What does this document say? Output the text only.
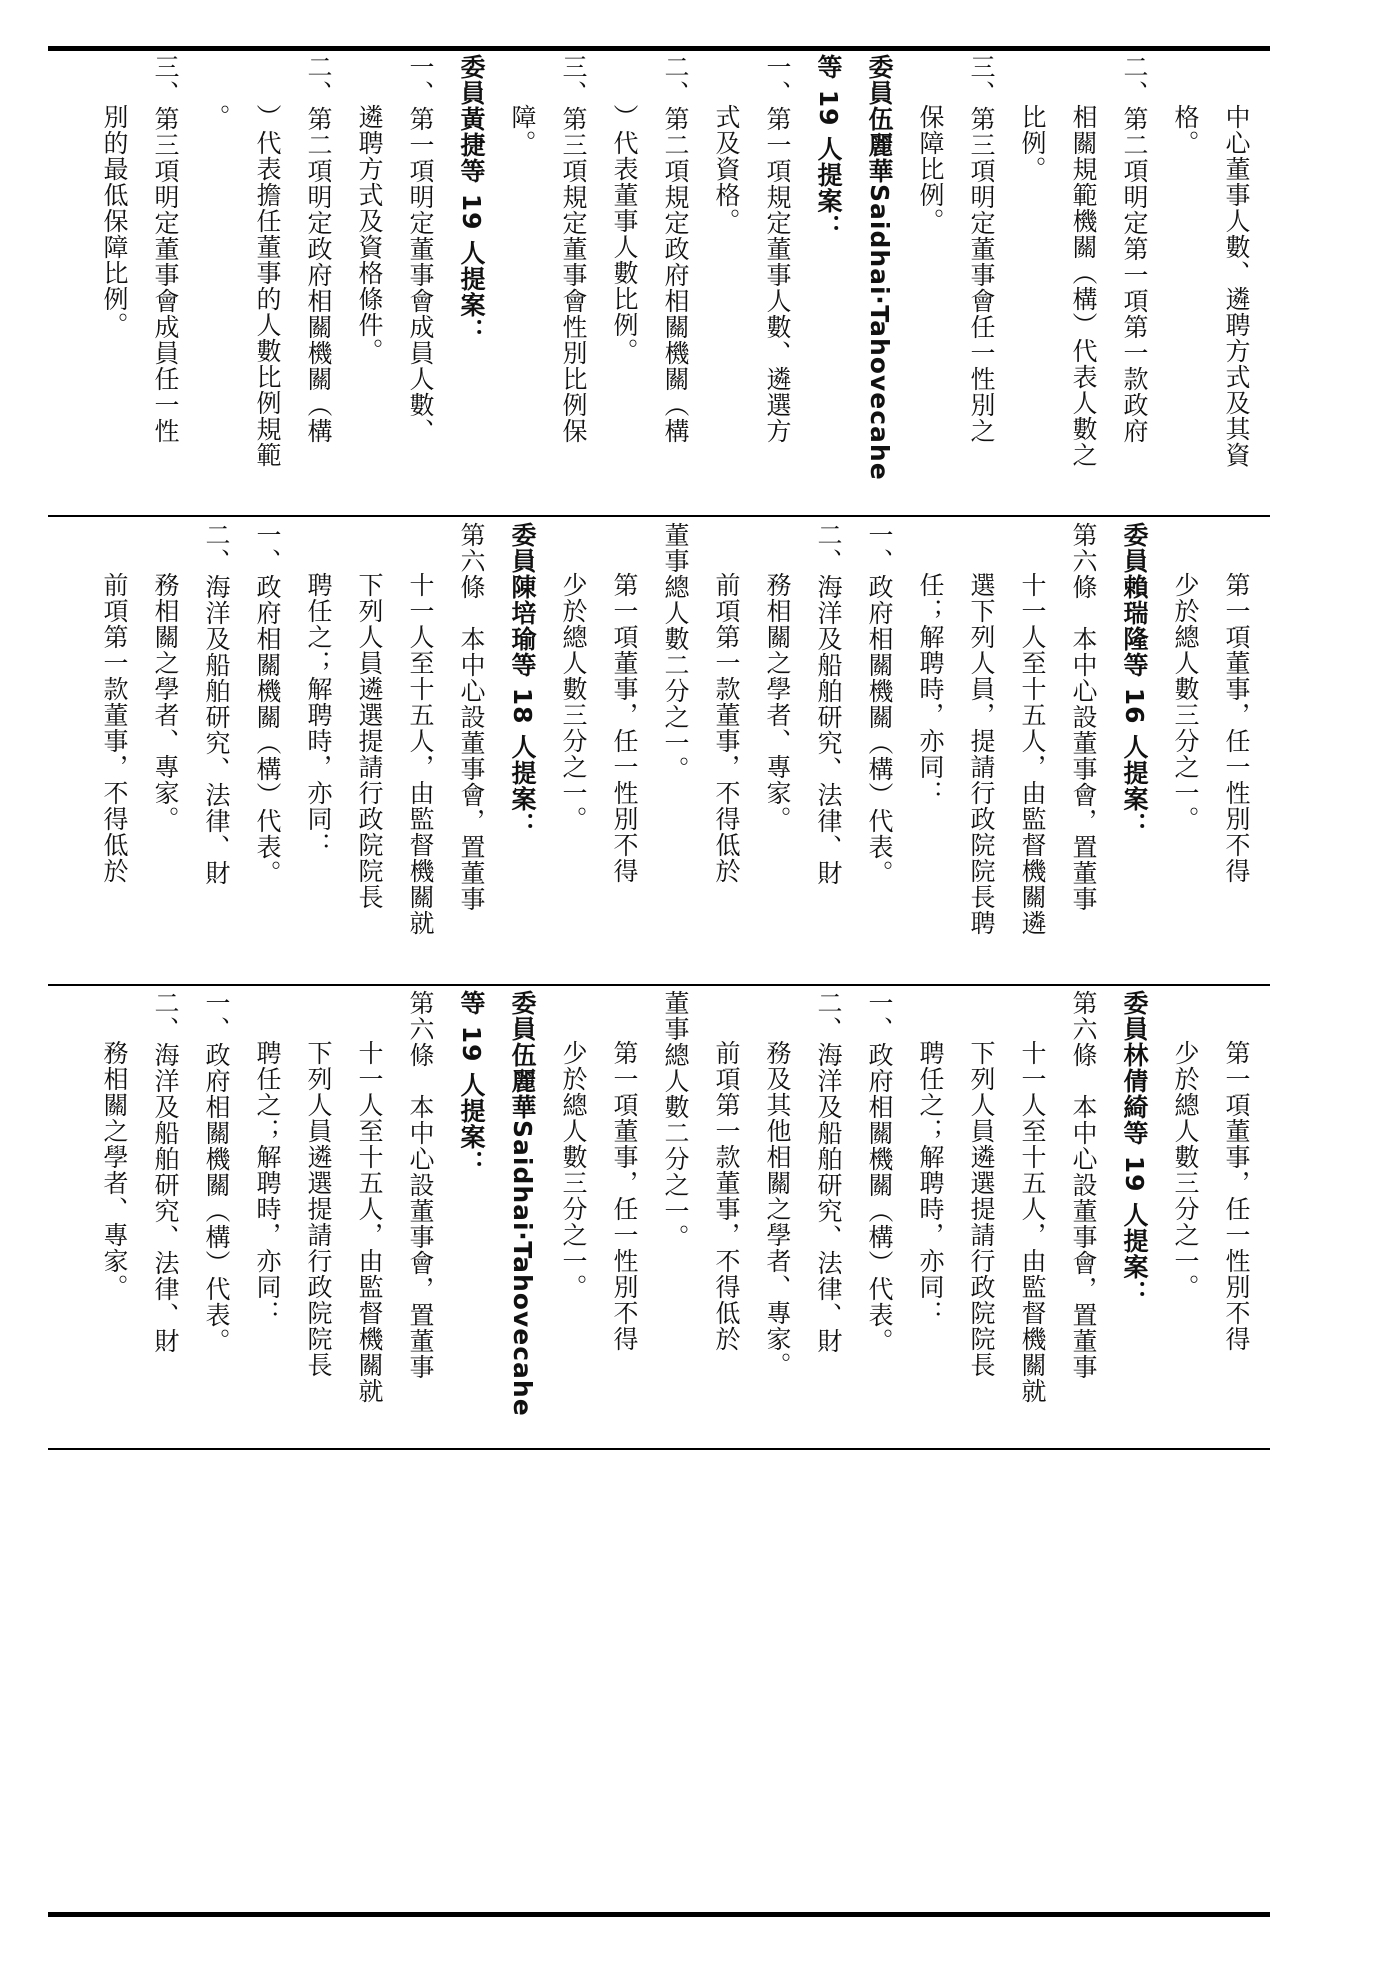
中心董事人數、遴聘方式及其資
格。
二、第二項明定第一項第一款政府
相關規範機關（構）代表人數之
比例。
三、第三項明定董事會任一性別之
保障比例。
委員伍麗華Saidhai‧Tahovecahe
等 19 人提案：
一、第一項規定董事人數、遴選方
式及資格。
二、第二項規定政府相關機關（構
）代表董事人數比例。
三、第三項規定董事會性別比例保
障。
委員黃捷等 19 人提案：
一、第一項明定董事會成員人數、
遴聘方式及資格條件。
二、第二項明定政府相關機關（構
）代表擔任董事的人數比例規範
。
三、第三項明定董事會成員任一性
別的最低保障比例。
第一項董事，任一性別不得
少於總人數三分之一。
委員賴瑞隆等 16 人提案：
第六條　本中心設董事會，置董事
十一人至十五人，由監督機關遴
選下列人員，提請行政院院長聘
任；解聘時，亦同：
一、政府相關機關（構）代表。
二、海洋及船舶研究、法律、財
務相關之學者、專家。
前項第一款董事，不得低於
董事總人數二分之一。
第一項董事，任一性別不得
少於總人數三分之一。
委員陳培瑜等 18 人提案：
第六條　本中心設董事會，置董事
十一人至十五人，由監督機關就
下列人員遴選提請行政院院長
聘任之；解聘時，亦同：
一、政府相關機關（構）代表。
二、海洋及船舶研究、法律、財
務相關之學者、專家。
前項第一款董事，不得低於
第一項董事，任一性別不得
少於總人數三分之一。
委員林倩綺等 19 人提案：
第六條　本中心設董事會，置董事
十一人至十五人，由監督機關就
下列人員遴選提請行政院院長
聘任之；解聘時，亦同：
一、政府相關機關（構）代表。
二、海洋及船舶研究、法律、財
務及其他相關之學者、專家。
前項第一款董事，不得低於
董事總人數二分之一。
第一項董事，任一性別不得
少於總人數三分之一。
委員伍麗華Saidhai‧Tahovecahe
等 19 人提案：
第六條　本中心設董事會，置董事
十一人至十五人，由監督機關就
下列人員遴選提請行政院院長
聘任之；解聘時，亦同：
一、政府相關機關（構）代表。
二、海洋及船舶研究、法律、財
務相關之學者、專家。
